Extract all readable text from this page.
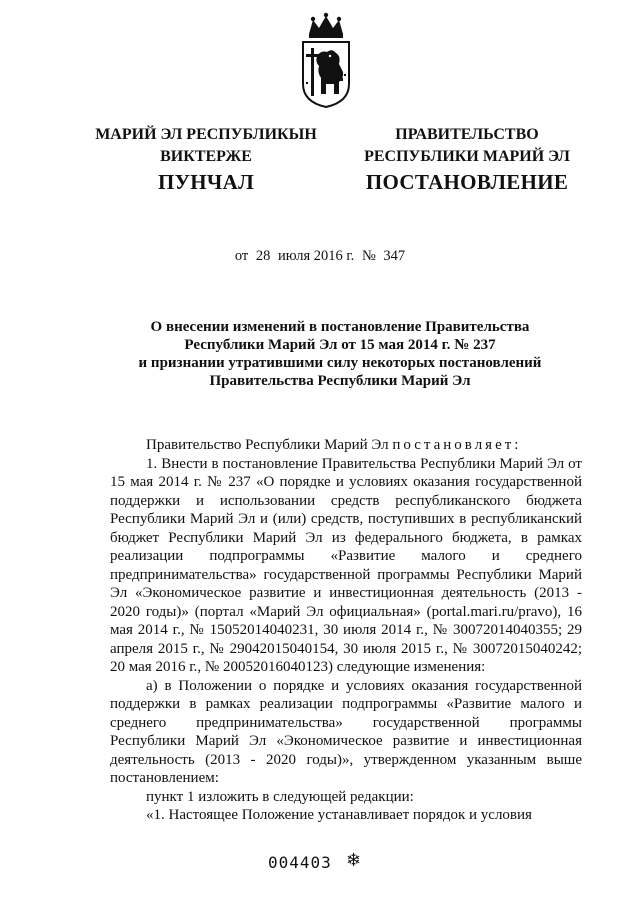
МАРИЙ ЭЛ РЕСПУБЛИКЫН
ВИКТЕРЖЕ
ПРАВИТЕЛЬСТВО
РЕСПУБЛИКИ МАРИЙ ЭЛ
ПУНЧАЛ	ПОСТАНОВЛЕНИЕ
от 28 июля 2016 г. № 347
О внесении изменений в постановление Правительства
Республики Марий Эл от 15 мая 2014 г. № 237
и признании утратившими силу некоторых постановлений
Правительства Республики Марий Эл

Правительство Республики Марий Эл постановляет:

1. Внести в постановление Правительства Республики Марий Эл от 15 мая 2014 г. № 237 «О порядке и условиях оказания государственной поддержки и использовании средств республиканского бюджета Республики Марий Эл и (или) средств, поступивших в республиканский бюджет Республики Марий Эл из федерального бюджета, в рамках реализации подпрограммы «Развитие малого и среднего предпринимательства» государственной программы Республики Марий Эл «Экономическое развитие и инвестиционная деятельность (2013 - 2020 годы)» (портал «Марий Эл официальная» (portal.mari.ru/pravo), 16 мая 2014 г., № 15052014040231, 30 июля 2014 г., № 30072014040355; 29 апреля 2015 г., № 29042015040154, 30 июля 2015 г., № 30072015040242; 20 мая 2016 г., № 20052016040123) следующие изменения:

а) в Положении о порядке и условиях оказания государственной поддержки в рамках реализации подпрограммы «Развитие малого и среднего предпринимательства» государственной программы Республики Марий Эл «Экономическое развитие и инвестиционная деятельность (2013 - 2020 годы)», утвержденном указанным выше постановлением:

пункт 1 изложить в следующей редакции:

«1. Настоящее Положение устанавливает порядок и условия

004403 ❄
